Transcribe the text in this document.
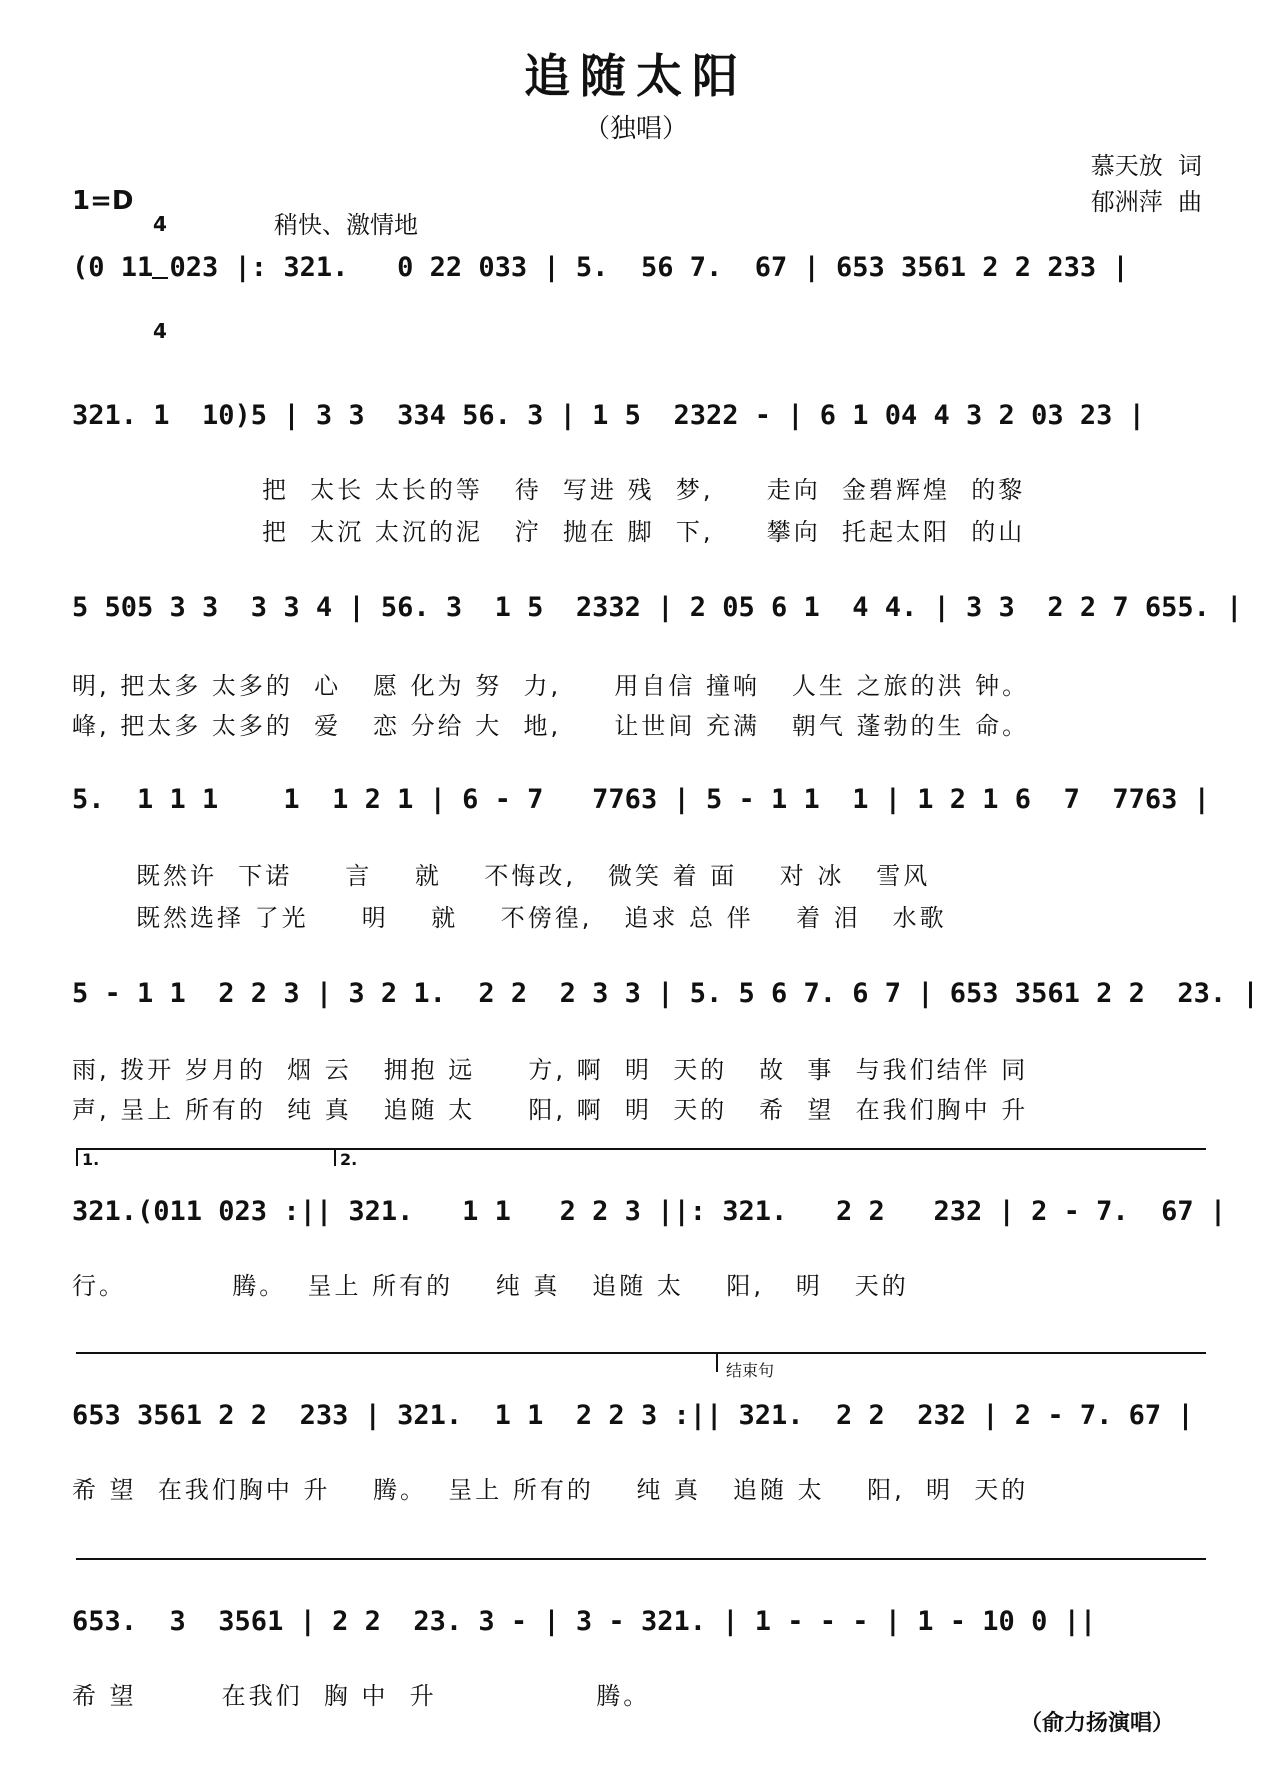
追随太阳
（独唱）
慕天放  词
郁洲萍  曲
1=D

4

4

稍快、激情地
(0 11 023 |: 321.   0 22 033 | 5.  56 7.  67 | 653 3561 2 2 233 |
321. 1  10)5 | 3 3  334 56. 3 | 1 5  2322 - | 6 1 04 4 3 2 03 23 |
把  太长 太长的等   待  写进 残  梦,     走向  金碧辉煌  的黎
把  太沉 太沉的泥   泞  抛在 脚  下,     攀向  托起太阳  的山
5 505 3 3  3 3 4 | 56. 3  1 5  2332 | 2 05 6 1  4 4. | 3 3  2 2 7 655. |
明, 把太多 太多的  心   愿 化为 努  力,     用自信 撞响   人生 之旅的洪 钟。
峰, 把太多 太多的  爱   恋 分给 大  地,     让世间 充满   朝气 蓬勃的生 命。
5.  1 1 1    1  1 2 1 | 6 - 7   7763 | 5 - 1 1  1 | 1 2 1 6  7  7763 |
既然许  下诺     言    就    不悔改,   微笑 着 面    对 冰   雪风
既然选择 了光     明    就    不傍徨,   追求 总 伴    着 泪   水歌
5 - 1 1  2 2 3 | 3 2 1.  2 2  2 3 3 | 5. 5 6 7. 6 7 | 653 3561 2 2  23. |
雨, 拨开 岁月的  烟 云   拥抱 远     方, 啊  明  天的   故  事  与我们结伴 同
声, 呈上 所有的  纯 真   追随 太     阳, 啊  明  天的   希  望  在我们胸中 升
1.	2.
321.(011 023 :|| 321.   1 1   2 2 3 ||: 321.   2 2   232 | 2 - 7.  67 |
行。          腾。  呈上 所有的    纯 真   追随 太    阳,   明   天的
结束句
653 3561 2 2  233 | 321.  1 1  2 2 3 :|| 321.  2 2  232 | 2 - 7. 67 |
希 望  在我们胸中 升    腾。  呈上 所有的    纯 真   追随 太    阳,  明  天的
653.  3  3561 | 2 2  23. 3 - | 3 - 321. | 1 - - - | 1 - 10 0 ||
希 望        在我们  胸 中  升               腾。
（俞力扬演唱）
